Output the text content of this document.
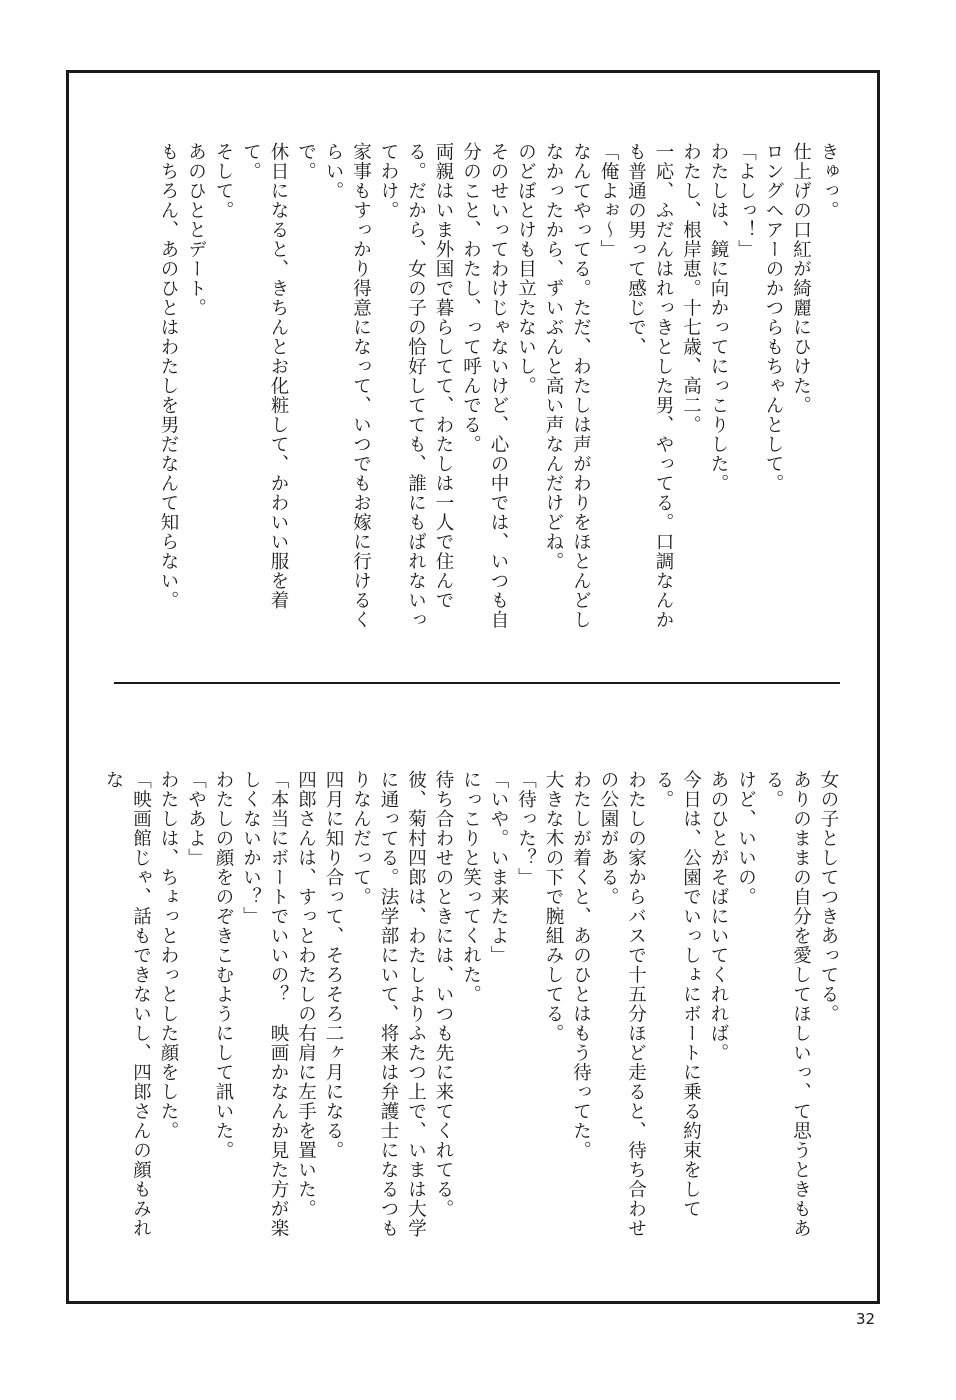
きゅっ。
仕上げの口紅が綺麗にひけた。
ロングヘアーのかつらもちゃんとして。
「よしっ！」
わたしは、鏡に向かってにっこりした。
わたし、根岸恵。十七歳、高二。
一応、ふだんはれっきとした男、やってる。口調なんかも普通の男って感じで、
「俺よぉ～」
なんてやってる。ただ、わたしは声がわりをほとんどしなかったから、ずいぶんと高い声なんだけどね。
のどぼとけも目立たないし。
そのせいってわけじゃないけど、心の中では、いつも自分のこと、わたし、って呼んでる。
両親はいま外国で暮らしてて、わたしは一人で住んでる。だから、女の子の恰好してても、誰にもばれないってわけ。
家事もすっかり得意になって、いつでもお嫁に行けるくらい。
で。
休日になると、きちんとお化粧して、かわいい服を着て。
そして。
あのひととデート。
もちろん、あのひとはわたしを男だなんて知らない。
女の子としてつきあってる。
ありのままの自分を愛してほしいっ、て思うときもある。
けど、いいの。
あのひとがそばにいてくれれば。
今日は、公園でいっしょにボートに乗る約束をしてる。
わたしの家からバスで十五分ほど走ると、待ち合わせの公園がある。
わたしが着くと、あのひとはもう待ってた。
大きな木の下で腕組みしてる。
「待った？」
「いや。いま来たよ」
にっこりと笑ってくれた。
待ち合わせのときには、いつも先に来てくれてる。
彼、菊村四郎は、わたしよりふたつ上で、いまは大学に通ってる。法学部にいて、将来は弁護士になるつもりなんだって。
四月に知り合って、そろそろ二ヶ月になる。
四郎さんは、すっとわたしの右肩に左手を置いた。
「本当にボートでいいの？　映画かなんか見た方が楽しくないかい？」
わたしの顔をのぞきこむようにして訊いた。
「やあよ」
わたしは、ちょっとわっとした顔をした。
「映画館じゃ、話もできないし、四郎さんの顔もみれな
32
